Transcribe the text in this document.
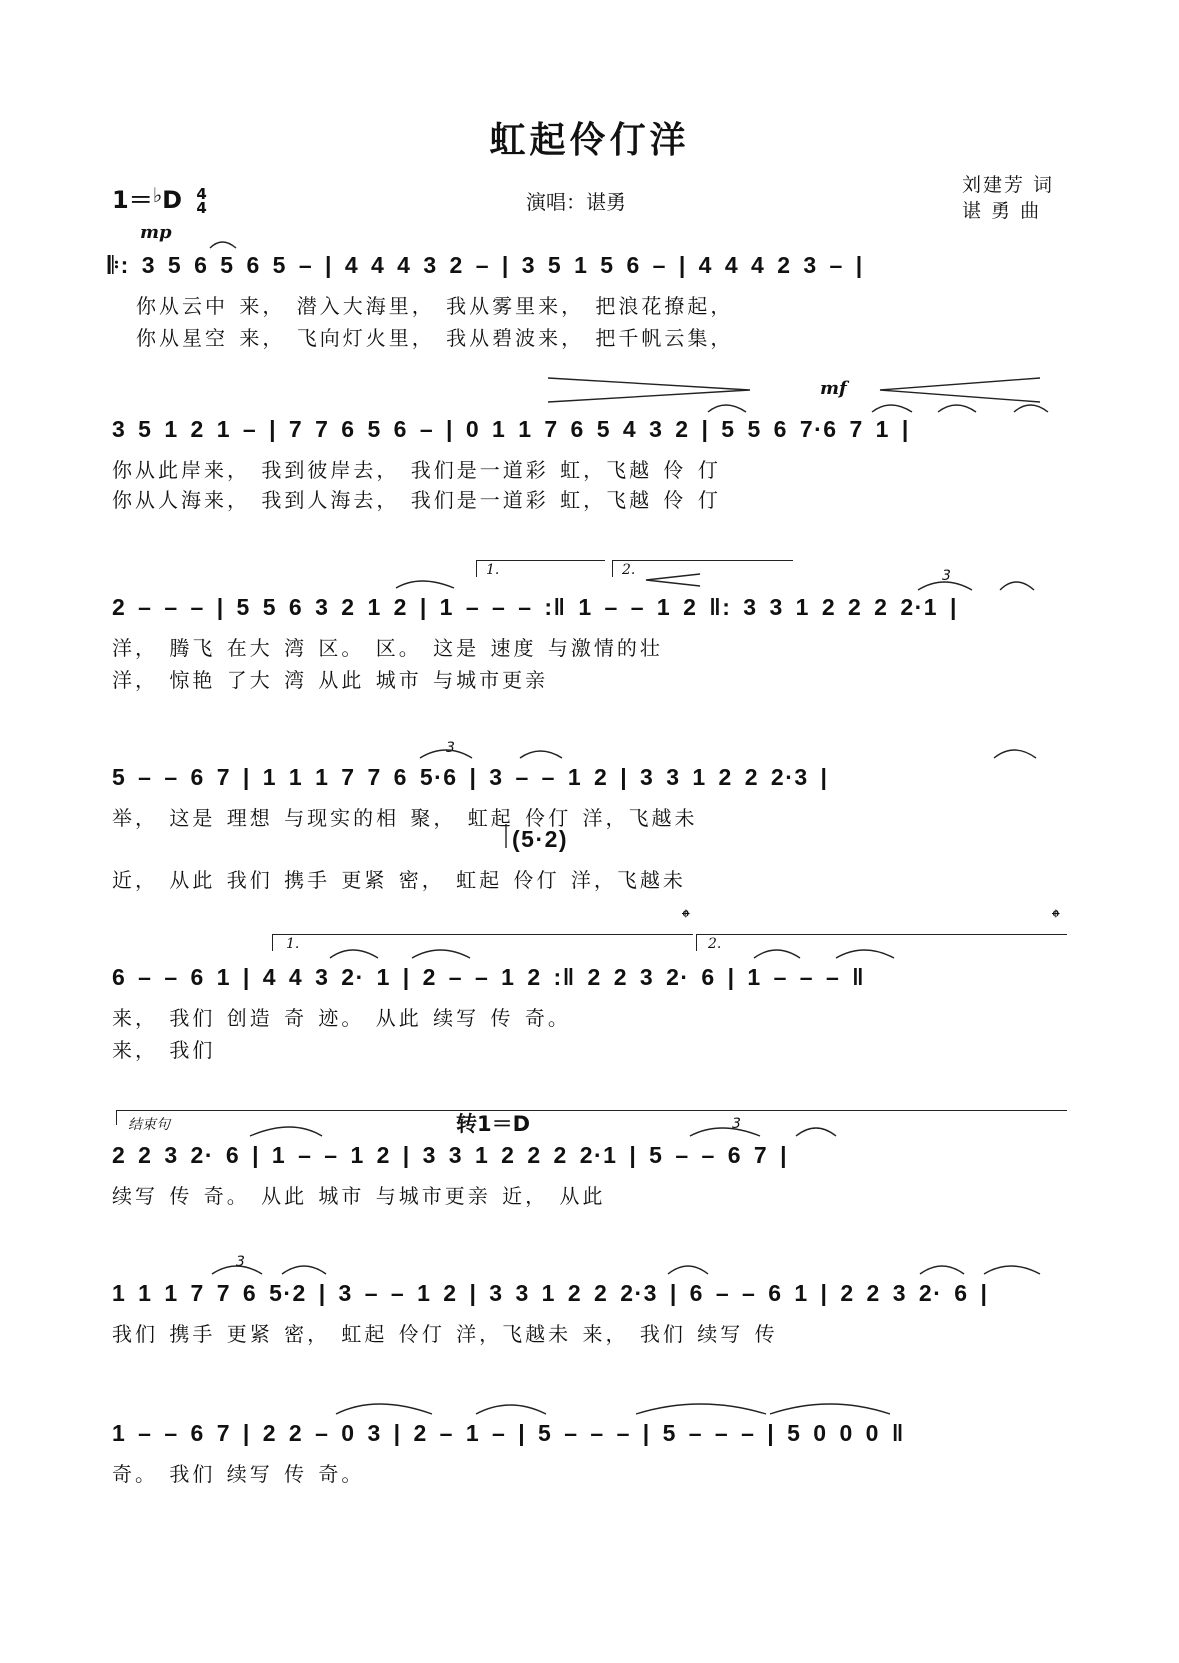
虹起伶仃洋
1＝♭D 4
4	演唱：谌勇
刘建芳 词
谌 勇 曲
mp
𝄆: 3 5 6 5 6 5 – | 4 4 4 3 2 – | 3 5 1 5 6 – | 4 4 4 2 3 – |
你从云中 来， 潜入大海里， 我从雾里来， 把浪花撩起，
你从星空 来， 飞向灯火里， 我从碧波来， 把千帆云集，
mf
3 5 1 2 1 – | 7 7 6 5 6 – | 0 1 1 7 6 5 4 3 2 | 5 5 6 7·6 7 1 |
你从此岸来， 我到彼岸去， 我们是一道彩 虹，飞越 伶 仃
你从人海来， 我到人海去， 我们是一道彩 虹，飞越 伶 仃
1.	2.	3
2 – – – | 5 5 6 3 2 1 2 | 1 – – – :‖ 1 – – 1 2 ‖: 3 3 1 2 2 2 2·1 |
洋， 腾飞 在大 湾 区。 区。 这是 速度 与激情的壮
洋， 惊艳 了大 湾 从此 城市 与城市更亲
3
5 – – 6 7 | 1 1 1 7 7 6 5·6 | 3 – – 1 2 | 3 3 1 2 2 2·3 |
举， 这是 理想 与现实的相 聚， 虹起 伶仃 洋，飞越未
(5·2)
近， 从此 我们 携手 更紧 密， 虹起 伶仃 洋，飞越未
𝄌	𝄌
1.	2.
6 – – 6 1 | 4 4 3 2· 1 | 2 – – 1 2 :‖ 2 2 3 2· 6 | 1 – – – ‖
来， 我们 创造 奇 迹。 从此 续写 传 奇。
来， 我们
结束句	转1＝D	3
2 2 3 2· 6 | 1 – – 1 2 | 3 3 1 2 2 2 2·1 | 5 – – 6 7 |
续写 传 奇。 从此 城市 与城市更亲 近， 从此
3
1 1 1 7 7 6 5·2 | 3 – – 1 2 | 3 3 1 2 2 2·3 | 6 – – 6 1 | 2 2 3 2· 6 |
我们 携手 更紧 密， 虹起 伶仃 洋，飞越未 来， 我们 续写 传
1 – – 6 7 | 2 2 – 0 3 | 2 – 1 – | 5 – – – | 5 – – – | 5 0 0 0 ‖
奇。 我们 续写 传 奇。
